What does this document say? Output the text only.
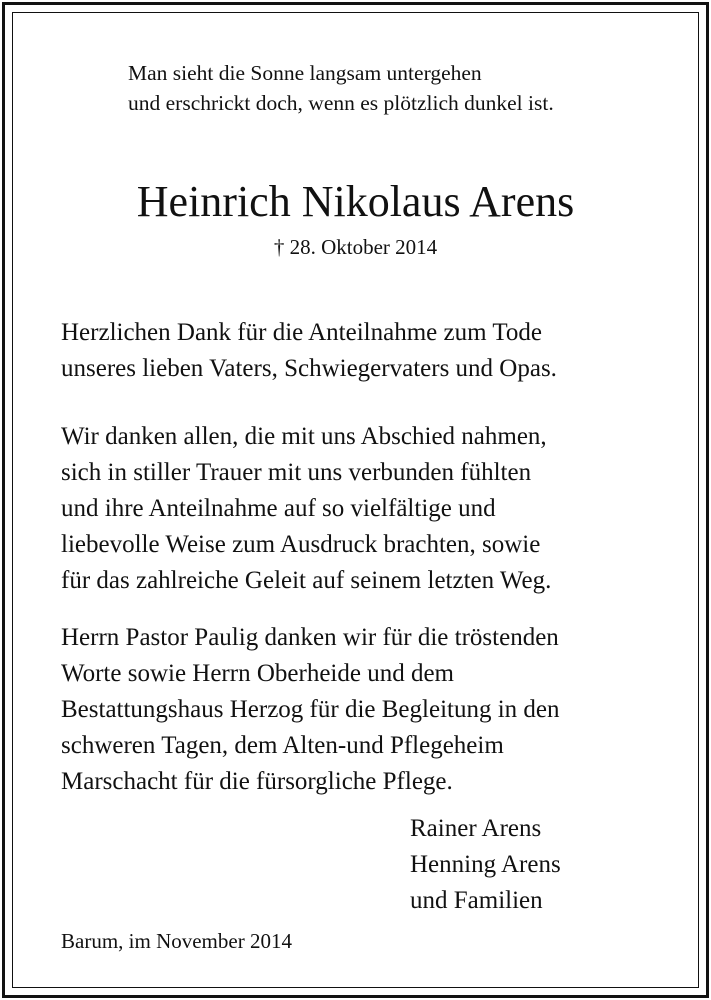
Man sieht die Sonne langsam untergehen
und erschrickt doch, wenn es plötzlich dunkel ist.
Heinrich Nikolaus Arens
† 28. Oktober 2014
Herzlichen Dank für die Anteilnahme zum Tode
unseres lieben Vaters, Schwiegervaters und Opas.
Wir danken allen, die mit uns Abschied nahmen,
sich in stiller Trauer mit uns verbunden fühlten
und ihre Anteilnahme auf so vielfältige und
liebevolle Weise zum Ausdruck brachten, sowie
für das zahlreiche Geleit auf seinem letzten Weg.
Herrn Pastor Paulig danken wir für die tröstenden
Worte sowie Herrn Oberheide und dem
Bestattungshaus Herzog für die Begleitung in den
schweren Tagen, dem Alten-und Pflegeheim
Marschacht für die fürsorgliche Pflege.
Rainer Arens
Henning Arens
und Familien
Barum, im November 2014
